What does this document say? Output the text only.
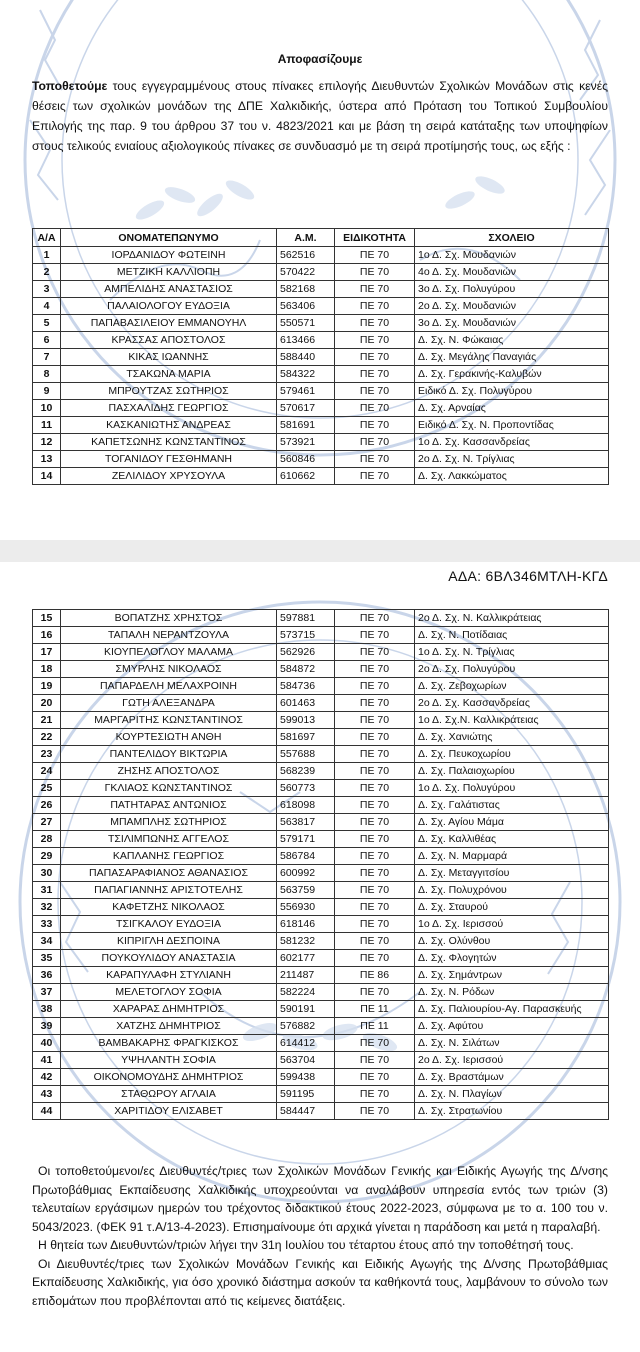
Αποφασίζουμε

Τοποθετούμε τους εγγεγραμμένους στους πίνακες επιλογής Διευθυντών Σχολικών Μονάδων στις κενές θέσεις των σχολικών μονάδων της ΔΠΕ Χαλκιδικής, ύστερα από Πρόταση του Τοπικού Συμβουλίου Επιλογής της παρ. 9 του άρθρου 37 του ν. 4823/2021 και με βάση τη σειρά κατάταξης των υποψηφίων στους τελικούς ενιαίους αξιολογικούς πίνακες σε συνδυασμό με τη σειρά προτίμησής τους, ως εξής :

Α/Α	ΟΝΟΜΑΤΕΠΩΝΥΜΟ	Α.Μ.	ΕΙΔΙΚΟΤΗΤΑ	ΣΧΟΛΕΙΟ
1	ΙΟΡΔΑΝΙΔΟΥ ΦΩΤΕΙΝΗ	562516	ΠΕ 70	1ο Δ. Σχ. Μουδανιών
2	ΜΕΤΖΙΚΗ ΚΑΛΛΙΟΠΗ	570422	ΠΕ 70	4ο Δ. Σχ. Μουδανιών
3	ΑΜΠΕΛΙΔΗΣ ΑΝΑΣΤΑΣΙΟΣ	582168	ΠΕ 70	3ο Δ. Σχ. Πολυγύρου
4	ΠΑΛΑΙΟΛΟΓΟΥ ΕΥΔΟΞΙΑ	563406	ΠΕ 70	2ο Δ. Σχ. Μουδανιών
5	ΠΑΠΑΒΑΣΙΛΕΙΟΥ ΕΜΜΑΝΟΥΗΛ	550571	ΠΕ 70	3ο Δ. Σχ. Μουδανιών
6	ΚΡΑΣΣΑΣ ΑΠΟΣΤΟΛΟΣ	613466	ΠΕ 70	Δ. Σχ. Ν. Φώκαιας
7	ΚΙΚΑΣ ΙΩΑΝΝΗΣ	588440	ΠΕ 70	Δ. Σχ. Μεγάλης Παναγιάς
8	ΤΣΑΚΩΝΑ ΜΑΡΙΑ	584322	ΠΕ 70	Δ. Σχ. Γερακινής-Καλυβών
9	ΜΠΡΟΥΤΖΑΣ ΣΩΤΗΡΙΟΣ	579461	ΠΕ 70	Ειδικό Δ. Σχ. Πολυγύρου
10	ΠΑΣΧΑΛΙΔΗΣ ΓΕΩΡΓΙΟΣ	570617	ΠΕ 70	Δ. Σχ. Αρναίας
11	ΚΑΣΚΑΝΙΩΤΗΣ ΑΝΔΡΕΑΣ	581691	ΠΕ 70	Ειδικό Δ. Σχ. Ν. Προποντίδας
12	ΚΑΠΕΤΣΩΝΗΣ ΚΩΝΣΤΑΝΤΙΝΟΣ	573921	ΠΕ 70	1ο Δ. Σχ. Κασσανδρείας
13	ΤΟΓΑΝΙΔΟΥ ΓΕΣΘΗΜΑΝΗ	560846	ΠΕ 70	2ο Δ. Σχ. Ν. Τρίγλιας
14	ΖΕΛΙΛΙΔΟΥ ΧΡΥΣΟΥΛΑ	610662	ΠΕ 70	Δ. Σχ. Λακκώματος
ΑΔΑ: 6ΒΛ346ΜΤΛΗ-ΚΓΔ
15	ΒΟΠΑΤΖΗΣ ΧΡΗΣΤΟΣ	597881	ΠΕ 70	2ο Δ. Σχ. Ν. Καλλικράτειας
16	ΤΑΠΑΛΗ ΝΕΡΑΝΤΖΟΥΛΑ	573715	ΠΕ 70	Δ. Σχ. Ν. Ποτίδαιας
17	ΚΙΟΥΠΕΛΟΓΛΟΥ ΜΑΛΑΜΑ	562926	ΠΕ 70	1ο Δ. Σχ. Ν. Τρίγλιας
18	ΣΜΥΡΛΗΣ ΝΙΚΟΛΑΟΣ	584872	ΠΕ 70	2ο Δ. Σχ. Πολυγύρου
19	ΠΑΠΑΡΔΕΛΗ ΜΕΛΑΧΡΟΙΝΗ	584736	ΠΕ 70	Δ. Σχ. Ζεβοχωρίων
20	ΓΩΤΗ ΑΛΕΞΑΝΔΡΑ	601463	ΠΕ 70	2ο Δ. Σχ. Κασσανδρείας
21	ΜΑΡΓΑΡΙΤΗΣ ΚΩΝΣΤΑΝΤΙΝΟΣ	599013	ΠΕ 70	1ο Δ. Σχ.Ν. Καλλικράτειας
22	ΚΟΥΡΤΕΣΙΩΤΗ ΑΝΘΗ	581697	ΠΕ 70	Δ. Σχ. Χανιώτης
23	ΠΑΝΤΕΛΙΔΟΥ ΒΙΚΤΩΡΙΑ	557688	ΠΕ 70	Δ. Σχ. Πευκοχωρίου
24	ΖΗΣΗΣ ΑΠΟΣΤΟΛΟΣ	568239	ΠΕ 70	Δ. Σχ. Παλαιοχωρίου
25	ΓΚΛΙΑΟΣ ΚΩΝΣΤΑΝΤΙΝΟΣ	560773	ΠΕ 70	1ο Δ. Σχ. Πολυγύρου
26	ΠΑΤΗΤΑΡΑΣ ΑΝΤΩΝΙΟΣ	618098	ΠΕ 70	Δ. Σχ. Γαλάτιστας
27	ΜΠΑΜΠΛΗΣ ΣΩΤΗΡΙΟΣ	563817	ΠΕ 70	Δ. Σχ. Αγίου Μάμα
28	ΤΣΙΛΙΜΠΩΝΗΣ ΑΓΓΕΛΟΣ	579171	ΠΕ 70	Δ. Σχ. Καλλιθέας
29	ΚΑΠΛΑΝΗΣ ΓΕΩΡΓΙΟΣ	586784	ΠΕ 70	Δ. Σχ. Ν. Μαρμαρά
30	ΠΑΠΑΣΑΡΑΦΙΑΝΟΣ ΑΘΑΝΑΣΙΟΣ	600992	ΠΕ 70	Δ. Σχ. Μεταγγιτσίου
31	ΠΑΠΑΓΙΑΝΝΗΣ ΑΡΙΣΤΟΤΕΛΗΣ	563759	ΠΕ 70	Δ. Σχ. Πολυχρόνου
32	ΚΑΦΕΤΖΗΣ ΝΙΚΟΛΑΟΣ	556930	ΠΕ 70	Δ. Σχ. Σταυρού
33	ΤΣΙΓΚΑΛΟΥ ΕΥΔΟΞΙΑ	618146	ΠΕ 70	1ο Δ. Σχ. Ιερισσού
34	ΚΙΠΡΙΓΛΗ ΔΕΣΠΟΙΝΑ	581232	ΠΕ 70	Δ. Σχ. Ολύνθου
35	ΠΟΥΚΟΥΛΙΔΟΥ ΑΝΑΣΤΑΣΙΑ	602177	ΠΕ 70	Δ. Σχ. Φλογητών
36	ΚΑΡΑΠΥΛΑΦΗ ΣΤΥΛΙΑΝΗ	211487	ΠΕ 86	Δ. Σχ. Σημάντρων
37	ΜΕΛΕΤΟΓΛΟΥ ΣΟΦΙΑ	582224	ΠΕ 70	Δ. Σχ. Ν. Ρόδων
38	ΧΑΡΑΡΑΣ ΔΗΜΗΤΡΙΟΣ	590191	ΠΕ 11	Δ. Σχ. Παλιουρίου-Αγ. Παρασκευής
39	ΧΑΤΖΗΣ ΔΗΜΗΤΡΙΟΣ	576882	ΠΕ 11	Δ. Σχ. Αφύτου
40	ΒΑΜΒΑΚΑΡΗΣ ΦΡΑΓΚΙΣΚΟΣ	614412	ΠΕ 70	Δ. Σχ. Ν. Σιλάτων
41	ΥΨΗΛΑΝΤΗ ΣΟΦΙΑ	563704	ΠΕ 70	2ο Δ. Σχ. Ιερισσού
42	ΟΙΚΟΝΟΜΟΥΔΗΣ ΔΗΜΗΤΡΙΟΣ	599438	ΠΕ 70	Δ. Σχ. Βραστάμων
43	ΣΤΑΘΩΡΟΥ ΑΓΛΑΙΑ	591195	ΠΕ 70	Δ. Σχ. Ν. Πλαγίων
44	ΧΑΡΙΤΙΔΟΥ ΕΛΙΣΑΒΕΤ	584447	ΠΕ 70	Δ. Σχ. Στρατωνίου

Οι τοποθετούμενοι/ες Διευθυντές/τριες των Σχολικών Μονάδων Γενικής και Ειδικής Αγωγής της Δ/νσης Πρωτοβάθμιας Εκπαίδευσης Χαλκιδικής υποχρεούνται να αναλάβουν υπηρεσία εντός των τριών (3) τελευταίων εργάσιμων ημερών του τρέχοντος διδακτικού έτους 2022-2023, σύμφωνα με το α. 100 του ν. 5043/2023. (ΦΕΚ 91 τ.Α/13-4-2023). Επισημαίνουμε ότι αρχικά γίνεται η παράδοση και μετά η παραλαβή.

Η θητεία των Διευθυντών/τριών λήγει την 31η Ιουλίου του τέταρτου έτους από την τοποθέτησή τους.

Οι Διευθυντές/τριες των Σχολικών Μονάδων Γενικής και Ειδικής Αγωγής της Δ/νσης Πρωτοβάθμιας Εκπαίδευσης Χαλκιδικής, για όσο χρονικό διάστημα ασκούν τα καθήκοντά τους, λαμβάνουν το σύνολο των επιδομάτων που προβλέπονται από τις κείμενες διατάξεις.
